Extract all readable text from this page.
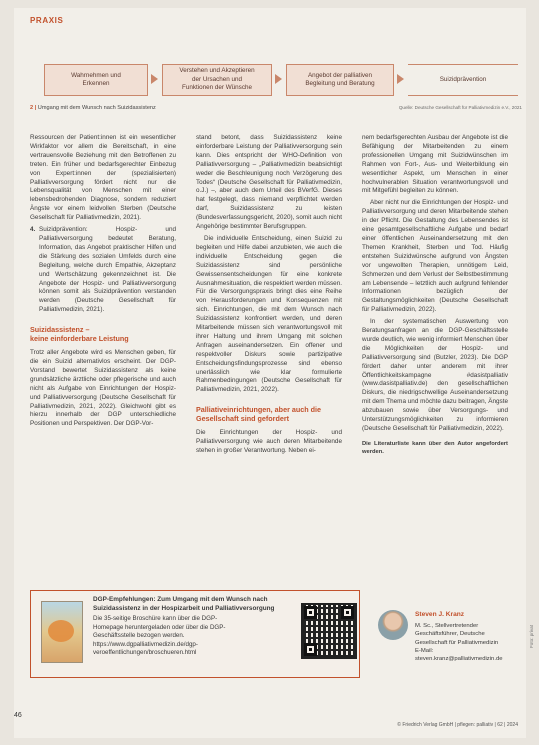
PRAXIS
Wahrnehmen und
Erkennen
Verstehen und Akzeptieren
der Ursachen und
Funktionen der Wünsche
Angebot der palliativen
Begleitung und Beratung
Suizidprävention
2 | Umgang mit dem Wunsch nach Suizidassistenz	Quelle: Deutsche Gesellschaft für Palliativmedizin e.V., 2021

Ressourcen der Patient:innen ist ein wesentlicher Wirkfaktor vor allem die Bereitschaft, in eine vertrauensvolle Beziehung mit den Betroffenen zu treten. Ein früher und bedarfsgerechter Einbezug von Expert:innen der (spezialisierten) Palliativversorgung fördert nicht nur die Lebensqualität von Menschen mit einer lebensbedrohenden Diagnose, sondern reduziert Ängste vor einem leidvollen Sterben (Deutsche Gesellschaft für Palliativmedizin, 2021).

4. Suizidprävention: Hospiz- und Palliativversorgung bedeutet Beratung, Information, das Angebot praktischer Hilfen und die Stärkung des sozialen Umfelds durch eine Begleitung, welche durch Empathie, Akzeptanz und Wertschätzung gekennzeichnet ist. Die Angebote der Hospiz- und Palliativversorgung können somit als Suizidprävention verstanden werden (Deutsche Gesellschaft für Palliativmedizin, 2021).
Suizidassistenz –
keine einforderbare Leistung

Trotz aller Angebote wird es Menschen geben, für die ein Suizid alternativlos erscheint. Der DGP-Vorstand bewertet Suizidassistenz als keine grundsätzliche ärztliche oder pflegerische und auch nicht als Aufgabe von Einrichtungen der Hospiz- und Palliativversorgung (Deutsche Gesellschaft für Palliativmedizin, 2021, 2022). Gleichwohl gibt es hierzu innerhalb der DGP unterschiedliche Positionen und Perspektiven. Der DGP-Vor-

stand betont, dass Suizidassistenz keine einforderbare Leistung der Palliativversorgung sein kann. Dies entspricht der WHO-Definition von Palliativversorgung – „Palliativmedizin beabsichtigt weder die Beschleunigung noch Verzögerung des Todes“ (Deutsche Gesellschaft für Palliativmedizin, o.J.) –, aber auch dem Urteil des BVerfG. Dieses hat festgelegt, dass niemand verpflichtet werden darf, Suizidassistenz zu leisten (Bundesverfassungsgericht, 2020), somit auch nicht Angehörige bestimmter Berufsgruppen.

Die individuelle Entscheidung, einen Suizid zu begleiten und Hilfe dabei anzubieten, wie auch die individuelle Entscheidung gegen die Suizidassistenz sind persönliche Gewissensentscheidungen für eine konkrete Ausnahmesituation, die respektiert werden müssen. Für die Versorgungspraxis bringt dies eine Reihe von Herausforderungen und Konsequenzen mit sich. Einrichtungen, die mit dem Wunsch nach Suizidassistenz konfrontiert werden, und deren Mitarbeitende müssen sich verantwortungsvoll mit ihrer Haltung und ihrem Umgang mit solchen Anfragen auseinandersetzen. Ein offener und respektvoller Diskurs sowie partizipative Entscheidungsfindungsprozesse sind ebenso unerlässlich wie klar formulierte Rahmenbedingungen (Deutsche Gesellschaft für Palliativmedizin, 2021, 2022).

Palliativeinrichtungen, aber auch die Gesellschaft sind gefordert

Die Einrichtungen der Hospiz- und Palliativversorgung wie auch deren Mitarbeitende stehen in großer Verantwortung. Neben ei-

nem bedarfsgerechten Ausbau der Angebote ist die Befähigung der Mitarbeitenden zu einem professionellen Umgang mit Suizidwünschen im Rahmen von Fort-, Aus- und Weiterbildung ein wesentlicher Aspekt, um Menschen in einer hochvulnerablen Situation verantwortungsvoll und mit Mitgefühl begleiten zu können.

Aber nicht nur die Einrichtungen der Hospiz- und Palliativversorgung und deren Mitarbeitende stehen in der Pflicht. Die Gestaltung des Lebensendes ist eine gesamtgesellschaftliche Aufgabe und bedarf einer öffentlichen Auseinandersetzung mit den Themen Krankheit, Sterben und Tod. Häufig entstehen Suizidwünsche aufgrund von Ängsten vor ungewollten Therapien, unnötigem Leid, Schmerzen und dem Verlust der Selbstbestimmung am Lebensende – letztlich auch aufgrund fehlender Informationen bezüglich der Gestaltungsmöglichkeiten (Deutsche Gesellschaft für Palliativmedizin, 2022).

In der systematischen Auswertung von Beratungsanfragen an die DGP-Geschäftsstelle wurde deutlich, wie wenig informiert Menschen über die Möglichkeiten der Hospiz- und Palliativversorgung sind (Butzler, 2023). Die DGP fördert daher unter anderem mit ihrer Öffentlichkeitskampagne #dasistpalliativ (www.dasistpalliativ.de) den gesellschaftlichen Diskurs, die niedrigschwellige Auseinandersetzung mit dem Thema und möchte dazu beitragen, Ängste abzubauen sowie über Versorgungs- und Unterstützungsmöglichkeiten zu informieren (Deutsche Gesellschaft für Palliativmedizin, 2022).

Die Literaturliste kann über den Autor angefordert werden.

DGP-Empfehlungen: Zum Umgang mit dem Wunsch nach Suizidassistenz in der Hospizarbeit und Palliativversorgung
Die 35-seitige Broschüre kann über die DGP-Homepage heruntergeladen oder über die DGP-Geschäftsstelle bezogen werden. https://www.dgpalliativmedizin.de/dgp-veroeffentlichungen/broschueren.html
Steven J. Kranz
M. Sc., Stellvertretender Geschäftsführer, Deutsche Gesellschaft für Palliativmedizin
E-Mail:
steven.kranz@palliativmedizin.de
© Friedrich Verlag GmbH | pflegen: palliativ | 62 | 2024
Foto: privat
46
